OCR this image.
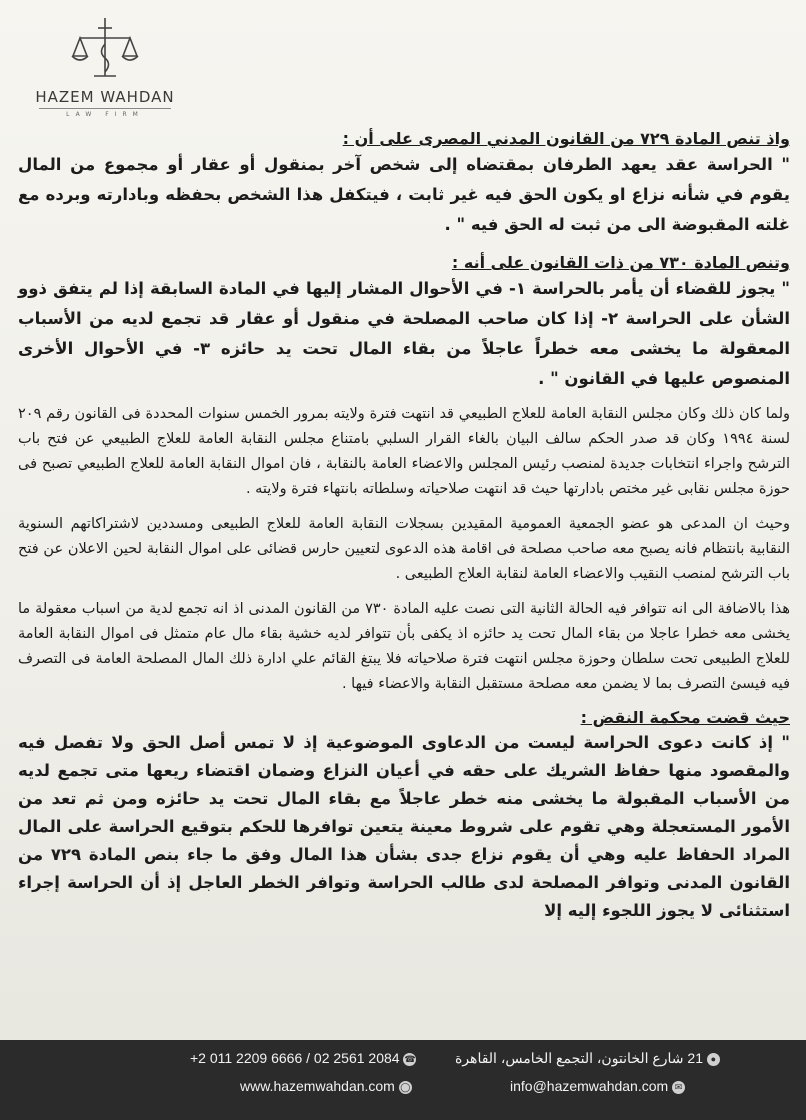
HAZEM WAHDAN
LAW FIRM

واذ تنص المادة ٧٢٩ من القانون المدني المصرى على أن :

" الحراسة عقد يعهد الطرفان بمقتضاه إلى شخص آخر بمنقول أو عقار أو مجموع من المال يقوم في شأنه نزاع او يكون الحق فيه غير ثابت ، فيتكفل هذا الشخص بحفظه وبادارته وبرده مع غلته المقبوضة الى من ثبت له الحق فيه " .

وتنص المادة ٧٣٠ من ذات القانون على أنه :

" يجوز للقضاء أن يأمر بالحراسة ١- في الأحوال المشار إليها في المادة السابقة إذا لم يتفق ذوو الشأن على الحراسة ٢- إذا كان صاحب المصلحة في منقول أو عقار قد تجمع لديه من الأسباب المعقولة ما يخشى معه خطراً عاجلاً من بقاء المال تحت يد حائزه ٣- في الأحوال الأخرى المنصوص عليها في القانون " .

ولما كان ذلك وكان مجلس النقابة العامة للعلاج الطبيعي قد انتهت فترة ولايته بمرور الخمس سنوات المحددة فى القانون رقم ٢٠٩ لسنة ١٩٩٤ وكان قد صدر الحكم سالف البيان بالغاء القرار السلبي بامتناع مجلس النقابة العامة للعلاج الطبيعي عن فتح باب الترشح واجراء انتخابات جديدة لمنصب رئيس المجلس والاعضاء العامة بالنقابة ، فان اموال النقابة العامة للعلاج الطبيعي تصبح فى حوزة مجلس نقابى غير مختص بادارتها حيث قد انتهت صلاحياته وسلطاته بانتهاء فترة ولايته .

وحيث ان المدعى هو عضو الجمعية العمومية المقيدين بسجلات النقابة العامة للعلاج الطبيعى ومسددين لاشتراكاتهم السنوية النقابية بانتظام فانه يصبح معه صاحب مصلحة فى اقامة هذه الدعوى لتعيين حارس قضائى على اموال النقابة لحين الاعلان عن فتح باب الترشح لمنصب النقيب والاعضاء العامة لنقابة العلاج الطبيعى .

هذا بالاضافة الى انه تتوافر فيه الحالة الثانية التى نصت عليه المادة ٧٣٠ من القانون المدنى اذ انه تجمع لدية من اسباب معقولة ما يخشى معه خطرا عاجلا من بقاء المال تحت يد حائزه اذ يكفى بأن تتوافر لديه خشية بقاء مال عام متمثل فى اموال النقابة العامة للعلاج الطبيعى تحت سلطان وحوزة مجلس انتهت فترة صلاحياته فلا يبتغ القائم علي ادارة ذلك المال المصلحة العامة فى التصرف فيه فيسئ التصرف بما لا يضمن معه مصلحة مستقبل النقابة والاعضاء فيها .

حيث قضت محكمة النقض :

" إذ كانت دعوى الحراسة ليست من الدعاوى الموضوعية إذ لا تمس أصل الحق ولا تفصل فيه والمقصود منها حفاظ الشريك على حقه في أعيان النزاع وضمان اقتضاء ريعها متى تجمع لديه من الأسباب المقبولة ما يخشى منه خطر عاجلاً مع بقاء المال تحت يد حائزه ومن ثم تعد من الأمور المستعجلة وهي تقوم على شروط معينة يتعين توافرها للحكم بتوقيع الحراسة على المال المراد الحفاظ عليه وهي أن يقوم نزاع جدى بشأن هذا المال وفق ما جاء بنص المادة ٧٢٩ من القانون المدنى وتوافر المصلحة لدى طالب الحراسة وتوافر الخطر العاجل إذ أن الحراسة إجراء استثنائى لا يجوز اللجوء إليه إلا

+2 011 2209 6666 / 02 2561 2084 ☎
www.hazemwahdan.com ◯
● 21 شارع الخانتون، التجمع الخامس، القاهرة
info@hazemwahdan.com ✉
